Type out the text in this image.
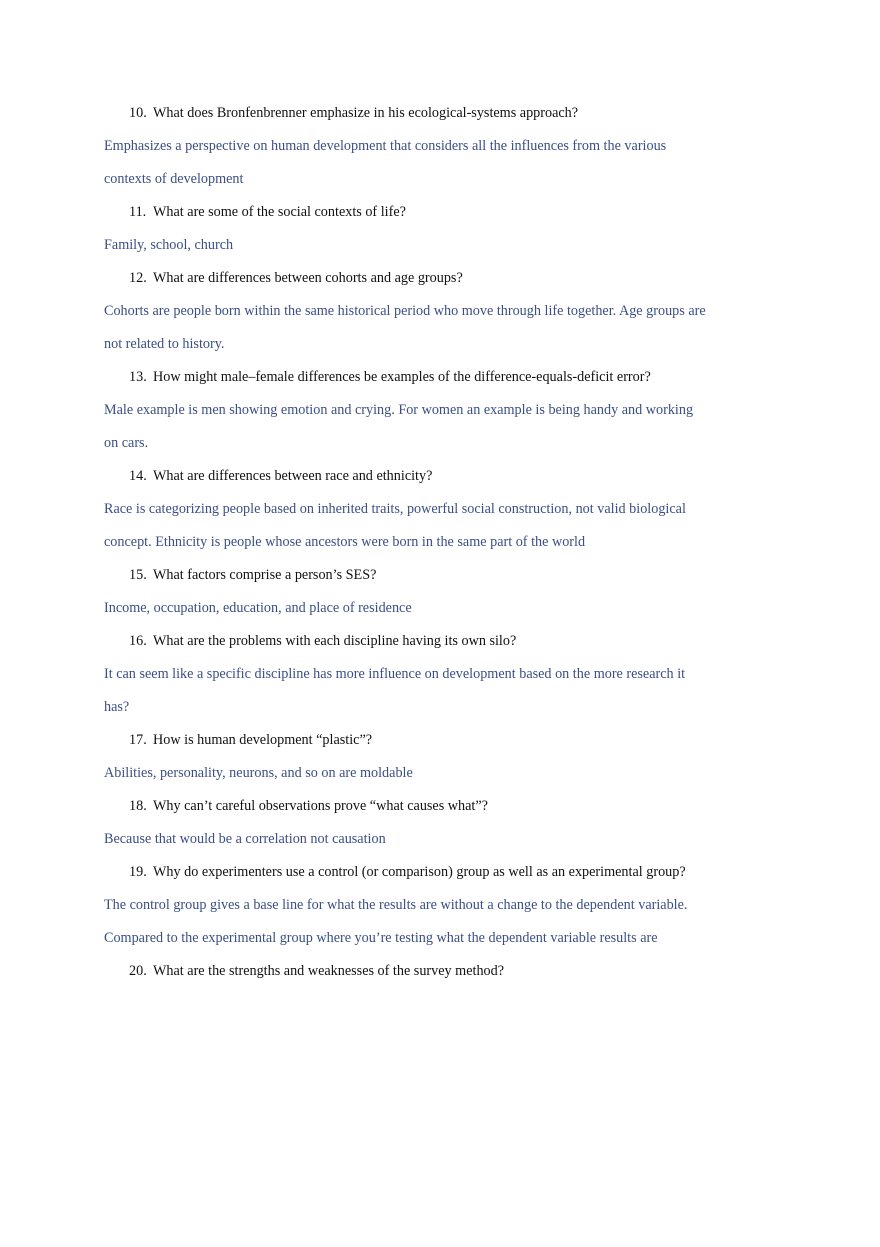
10. What does Bronfenbrenner emphasize in his ecological-systems approach?
Emphasizes a perspective on human development that considers all the influences from the various
contexts of development
11. What are some of the social contexts of life?
Family, school, church
12. What are differences between cohorts and age groups?
Cohorts are people born within the same historical period who move through life together. Age groups are
not related to history.
13. How might male–female differences be examples of the difference-equals-deficit error?
Male example is men showing emotion and crying. For women an example is being handy and working
on cars.
14. What are differences between race and ethnicity?
Race is categorizing people based on inherited traits, powerful social construction, not valid biological
concept. Ethnicity is people whose ancestors were born in the same part of the world
15. What factors comprise a person’s SES?
Income, occupation, education, and place of residence
16. What are the problems with each discipline having its own silo?
It can seem like a specific discipline has more influence on development based on the more research it
has?
17. How is human development “plastic”?
Abilities, personality, neurons, and so on are moldable
18. Why can’t careful observations prove “what causes what”?
Because that would be a correlation not causation
19. Why do experimenters use a control (or comparison) group as well as an experimental group?
The control group gives a base line for what the results are without a change to the dependent variable.
Compared to the experimental group where you’re testing what the dependent variable results are
20. What are the strengths and weaknesses of the survey method?
